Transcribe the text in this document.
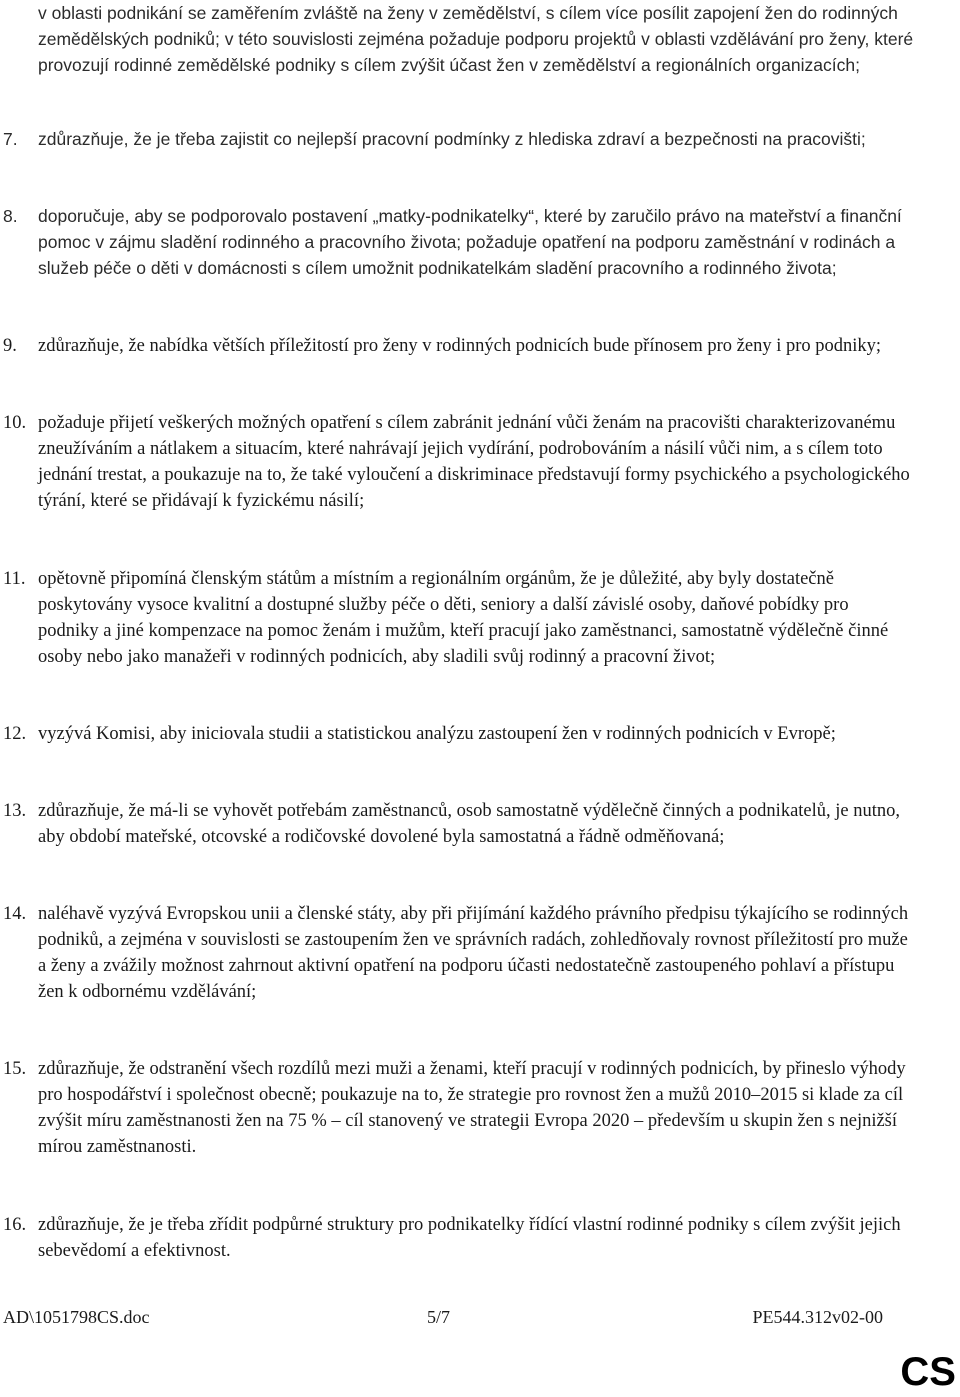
v oblasti podnikání se zaměřením zvláště na ženy v zemědělství, s cílem více posílit zapojení žen do rodinných zemědělských podniků; v této souvislosti zejména požaduje podporu projektů v oblasti vzdělávání pro ženy, které provozují rodinné zemědělské podniky s cílem zvýšit účast žen v zemědělství a regionálních organizacích;
7. zdůrazňuje, že je třeba zajistit co nejlepší pracovní podmínky z hlediska zdraví a bezpečnosti na pracovišti;
8. doporučuje, aby se podporovalo postavení „matky-podnikatelky“, které by zaručilo právo na mateřství a finanční pomoc v zájmu sladění rodinného a pracovního života; požaduje opatření na podporu zaměstnání v rodinách a služeb péče o děti v domácnosti s cílem umožnit podnikatelkám sladění pracovního a rodinného života;
9. zdůrazňuje, že nabídka větších příležitostí pro ženy v rodinných podnicích bude přínosem pro ženy i pro podniky;
10. požaduje přijetí veškerých možných opatření s cílem zabránit jednání vůči ženám na pracovišti charakterizovanému zneužíváním a nátlakem a situacím, které nahrávají jejich vydírání, podrobováním a násilí vůči nim, a s cílem toto jednání trestat, a poukazuje na to, že také vyloučení a diskriminace představují formy psychického a psychologického týrání, které se přidávají k fyzickému násilí;
11. opětovně připomíná členským státům a místním a regionálním orgánům, že je důležité, aby byly dostatečně poskytovány vysoce kvalitní a dostupné služby péče o děti, seniory a další závislé osoby, daňové pobídky pro podniky a jiné kompenzace na pomoc ženám i mužům, kteří pracují jako zaměstnanci, samostatně výdělečně činné osoby nebo jako manažeři v rodinných podnicích, aby sladili svůj rodinný a pracovní život;
12. vyzývá Komisi, aby iniciovala studii a statistickou analýzu zastoupení žen v rodinných podnicích v Evropě;
13. zdůrazňuje, že má-li se vyhovět potřebám zaměstnanců, osob samostatně výdělečně činných a podnikatelů, je nutno, aby období mateřské, otcovské a rodičovské dovolené byla samostatná a řádně odměňovaná;
14. naléhavě vyzývá Evropskou unii a členské státy, aby při přijímání každého právního předpisu týkajícího se rodinných podniků, a zejména v souvislosti se zastoupením žen ve správních radách, zohledňovaly rovnost příležitostí pro muže a ženy a zvážily možnost zahrnout aktivní opatření na podporu účasti nedostatečně zastoupeného pohlaví a přístupu žen k odbornému vzdělávání;
15. zdůrazňuje, že odstranění všech rozdílů mezi muži a ženami, kteří pracují v rodinných podnicích, by přineslo výhody pro hospodářství i společnost obecně; poukazuje na to, že strategie pro rovnost žen a mužů 2010–2015 si klade za cíl zvýšit míru zaměstnanosti žen na 75 % – cíl stanovený ve strategii Evropa 2020 – především u skupin žen s nejnižší mírou zaměstnanosti.
16. zdůrazňuje, že je třeba zřídit podpůrné struktury pro podnikatelky řídící vlastní rodinné podniky s cílem zvýšit jejich sebevědomí a efektivnost.
AD\1051798CS.doc	5/7	PE544.312v02-00
CS
